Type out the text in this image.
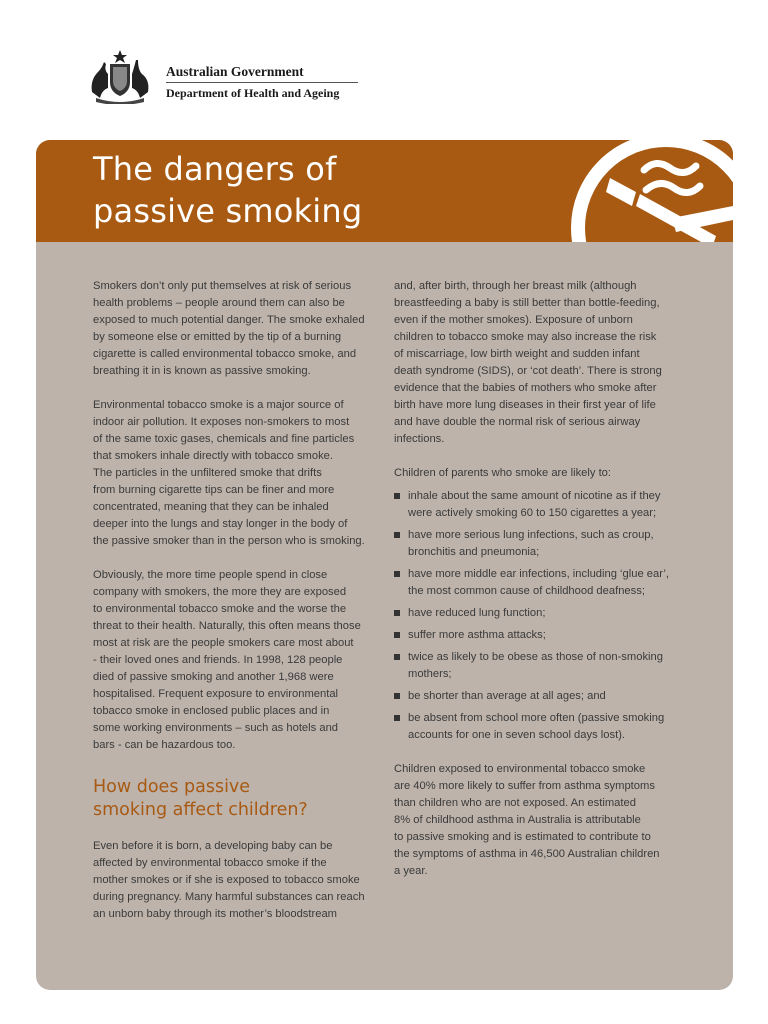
Australian Government
Department of Health and Ageing
The dangers of
passive smoking

Smokers don’t only put themselves at risk of serious
health problems – people around them can also be
exposed to much potential danger. The smoke exhaled
by someone else or emitted by the tip of a burning
cigarette is called environmental tobacco smoke, and
breathing it in is known as passive smoking.

Environmental tobacco smoke is a major source of
indoor air pollution. It exposes non-smokers to most
of the same toxic gases, chemicals and fine particles
that smokers inhale directly with tobacco smoke.
The particles in the unfiltered smoke that drifts
from burning cigarette tips can be finer and more
concentrated, meaning that they can be inhaled
deeper into the lungs and stay longer in the body of
the passive smoker than in the person who is smoking.

Obviously, the more time people spend in close
company with smokers, the more they are exposed
to environmental tobacco smoke and the worse the
threat to their health. Naturally, this often means those
most at risk are the people smokers care most about
- their loved ones and friends. In 1998, 128 people
died of passive smoking and another 1,968 were
hospitalised. Frequent exposure to environmental
tobacco smoke in enclosed public places and in
some working environments – such as hotels and
bars - can be hazardous too.

How does passive
smoking affect children?

Even before it is born, a developing baby can be
affected by environmental tobacco smoke if the
mother smokes or if she is exposed to tobacco smoke
during pregnancy. Many harmful substances can reach
an unborn baby through its mother’s bloodstream

and, after birth, through her breast milk (although
breastfeeding a baby is still better than bottle-feeding,
even if the mother smokes). Exposure of unborn
children to tobacco smoke may also increase the risk
of miscarriage, low birth weight and sudden infant
death syndrome (SIDS), or ‘cot death’. There is strong
evidence that the babies of mothers who smoke after
birth have more lung diseases in their first year of life
and have double the normal risk of serious airway
infections.

Children of parents who smoke are likely to:

inhale about the same amount of nicotine as if they
were actively smoking 60 to 150 cigarettes a year;
have more serious lung infections, such as croup,
bronchitis and pneumonia;
have more middle ear infections, including ‘glue ear’,
the most common cause of childhood deafness;
have reduced lung function;
suffer more asthma attacks;
twice as likely to be obese as those of non-smoking
mothers;
be shorter than average at all ages; and
be absent from school more often (passive smoking
accounts for one in seven school days lost).

Children exposed to environmental tobacco smoke
are 40% more likely to suffer from asthma symptoms
than children who are not exposed. An estimated
8% of childhood asthma in Australia is attributable
to passive smoking and is estimated to contribute to
the symptoms of asthma in 46,500 Australian children
a year.
